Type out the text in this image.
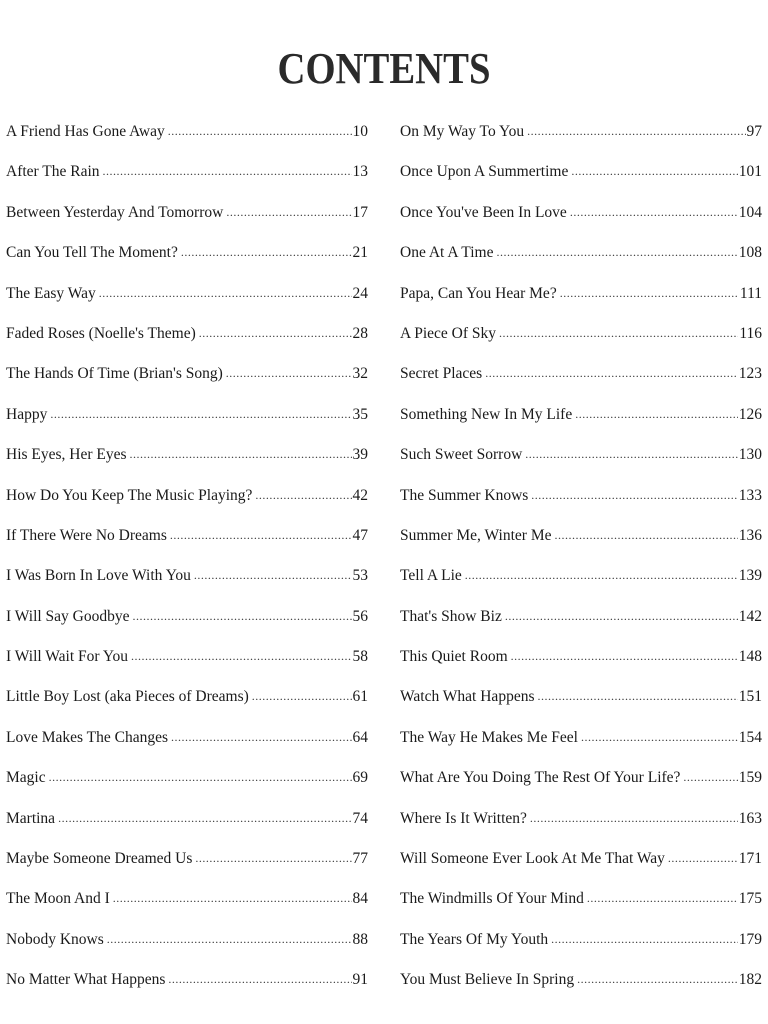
CONTENTS
A Friend Has Gone Away .....	10
After The Rain .....	13
Between Yesterday And Tomorrow .....	17
Can You Tell The Moment? .....	21
The Easy Way .....	24
Faded Roses (Noelle's Theme) .....	28
The Hands Of Time (Brian's Song) .....	32
Happy .....	35
His Eyes, Her Eyes .....	39
How Do You Keep The Music Playing? .....	42
If There Were No Dreams .....	47
I Was Born In Love With You .....	53
I Will Say Goodbye .....	56
I Will Wait For You .....	58
Little Boy Lost (aka Pieces of Dreams) .....	61
Love Makes The Changes .....	64
Magic .....	69
Martina .....	74
Maybe Someone Dreamed Us .....	77
The Moon And I .....	84
Nobody Knows .....	88
No Matter What Happens .....	91
On My Way To You .....	97
Once Upon A Summertime .....	101
Once You've Been In Love .....	104
One At A Time .....	108
Papa, Can You Hear Me? .....	111
A Piece Of Sky .....	116
Secret Places .....	123
Something New In My Life .....	126
Such Sweet Sorrow .....	130
The Summer Knows .....	133
Summer Me, Winter Me .....	136
Tell A Lie .....	139
That's Show Biz .....	142
This Quiet Room .....	148
Watch What Happens .....	151
The Way He Makes Me Feel .....	154
What Are You Doing The Rest Of Your Life? .....	159
Where Is It Written? .....	163
Will Someone Ever Look At Me That Way .....	171
The Windmills Of Your Mind .....	175
The Years Of My Youth .....	179
You Must Believe In Spring .....	182
